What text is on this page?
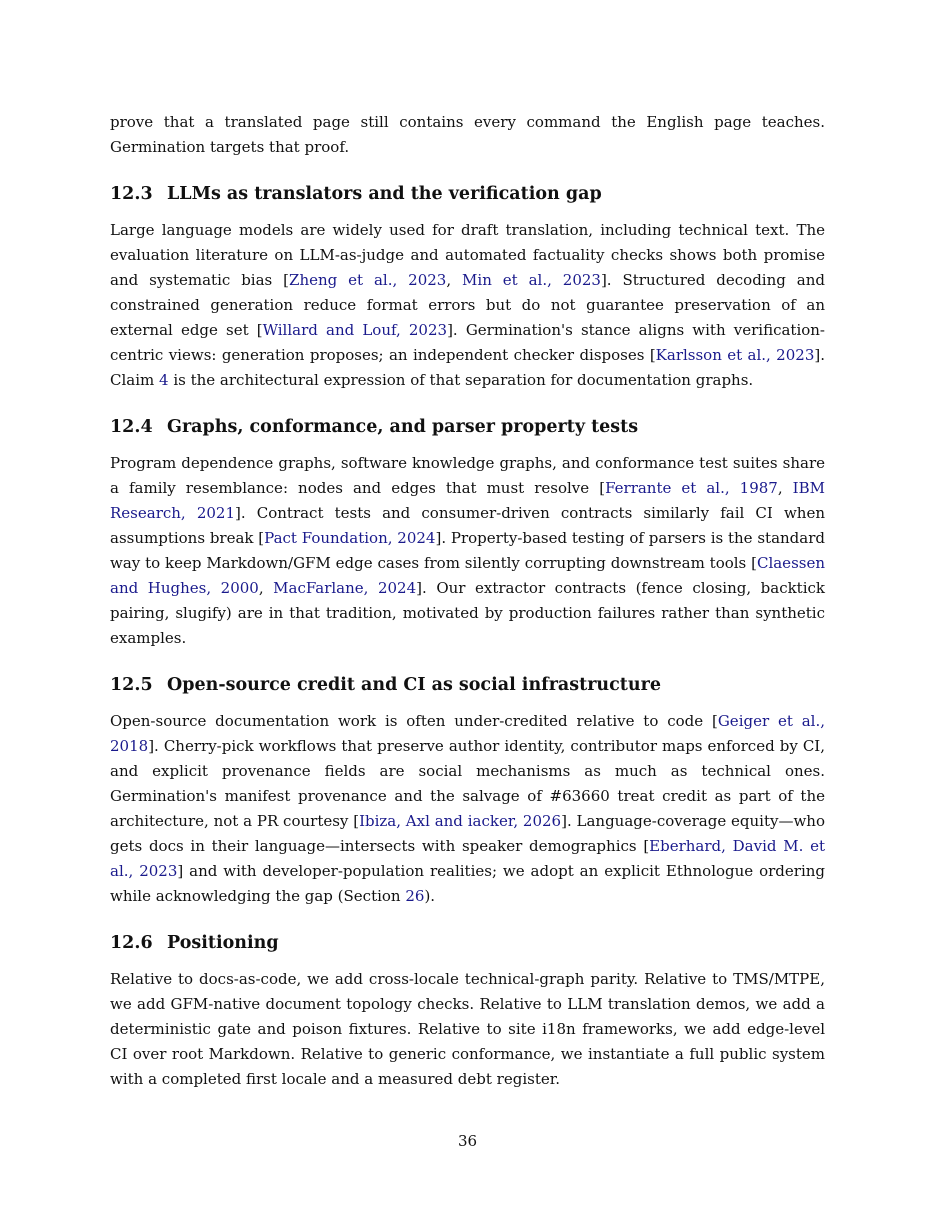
prove that a translated page still contains every command the English page teaches. Germination targets that proof.

12.3 LLMs as translators and the verification gap

Large language models are widely used for draft translation, including technical text. The evaluation literature on LLM-as-judge and automated factuality checks shows both promise and systematic bias [Zheng et al., 2023, Min et al., 2023]. Structured decoding and constrained generation reduce format errors but do not guarantee preservation of an external edge set [Willard and Louf, 2023]. Germination's stance aligns with verification-centric views: generation proposes; an independent checker disposes [Karlsson et al., 2023]. Claim 4 is the architectural expression of that separation for documentation graphs.

12.4 Graphs, conformance, and parser property tests

Program dependence graphs, software knowledge graphs, and conformance test suites share a family resemblance: nodes and edges that must resolve [Ferrante et al., 1987, IBM Research, 2021]. Contract tests and consumer-driven contracts similarly fail CI when assumptions break [Pact Foundation, 2024]. Property-based testing of parsers is the standard way to keep Markdown/GFM edge cases from silently corrupting downstream tools [Claessen and Hughes, 2000, MacFarlane, 2024]. Our extractor contracts (fence closing, backtick pairing, slugify) are in that tradition, motivated by production failures rather than synthetic examples.

12.5 Open-source credit and CI as social infrastructure

Open-source documentation work is often under-credited relative to code [Geiger et al., 2018]. Cherry-pick workflows that preserve author identity, contributor maps enforced by CI, and explicit provenance fields are social mechanisms as much as technical ones. Germination's manifest provenance and the salvage of #63660 treat credit as part of the architecture, not a PR courtesy [Ibiza, Axl and iacker, 2026]. Language-coverage equity—who gets docs in their language—intersects with speaker demographics [Eberhard, David M. et al., 2023] and with developer-population realities; we adopt an explicit Ethnologue ordering while acknowledging the gap (Section 26).

12.6 Positioning

Relative to docs-as-code, we add cross-locale technical-graph parity. Relative to TMS/MTPE, we add GFM-native document topology checks. Relative to LLM translation demos, we add a deterministic gate and poison fixtures. Relative to site i18n frameworks, we add edge-level CI over root Markdown. Relative to generic conformance, we instantiate a full public system with a completed first locale and a measured debt register.

36
